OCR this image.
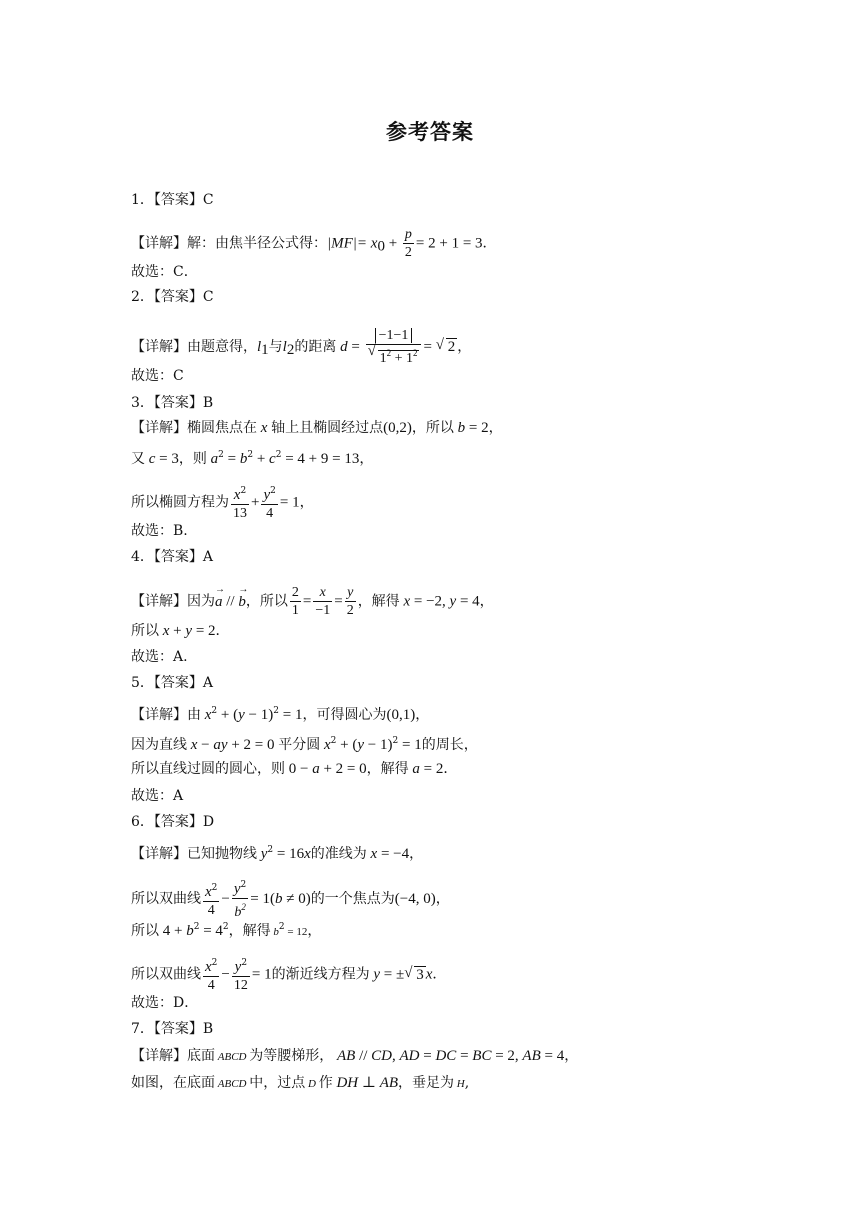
参考答案
1．【答案】C
【详解】解：由焦半径公式得：$|MF|= x_0 + \frac{p}{2} = 2 + 1 = 3$．
故选：C．
2．【答案】C
【详解】由题意得，$l_1$与$l_2$的距离 d = −1−1
√ $1^2 + 1^2$ = √ 2 ，
故选：C
3．【答案】B
【详解】椭圆焦点在 x 轴上且椭圆经过点(0,2)，所以 b = 2，
又 c = 3，则 $a^2 = b^2 + c^2 = 4 + 9 = 13$，
所以椭圆方程为 $\frac{x^2}{13} + \frac{y^2}{4} = 1$，
故选：B.
4．【答案】A
【详解】因为→ a // → b，所以 $\frac{2}{1} = \frac{x}{-1} = \frac{y}{2}$ ，解得 x = −2, y = 4，
所以 x + y = 2．
故选：A.
5．【答案】A
【详解】由 $x^2 + (y - 1)^2 = 1$，可得圆心为(0,1)，
因为直线 x − ay + 2 = 0 平分圆 $x^2 + (y - 1)^2 = 1$的周长，
所以直线过圆的圆心，则 0 − a + 2 = 0，解得 a = 2．
故选：A
6．【答案】D
【详解】已知抛物线 $y^2 = 16x$的准线为 x = −4，
所以双曲线 $\frac{x^2}{4} - \frac{y^2}{b^2} = 1(b \ne 0)$的一个焦点为(−4, 0)，
所以 $4 + b^2 = 4^2$，解得 $b^2 = 12$，
所以双曲线 $\frac{x^2}{4} - \frac{y^2}{12} = 1$的渐近线方程为 y = ±√ 3 x．
故选：D．
7．【答案】B
【详解】底面 ABCD 为等腰梯形， AB // CD, AD = DC = BC = 2, AB = 4，
如图，在底面 ABCD 中，过点 D 作 DH ⊥ AB，垂足为 H,
